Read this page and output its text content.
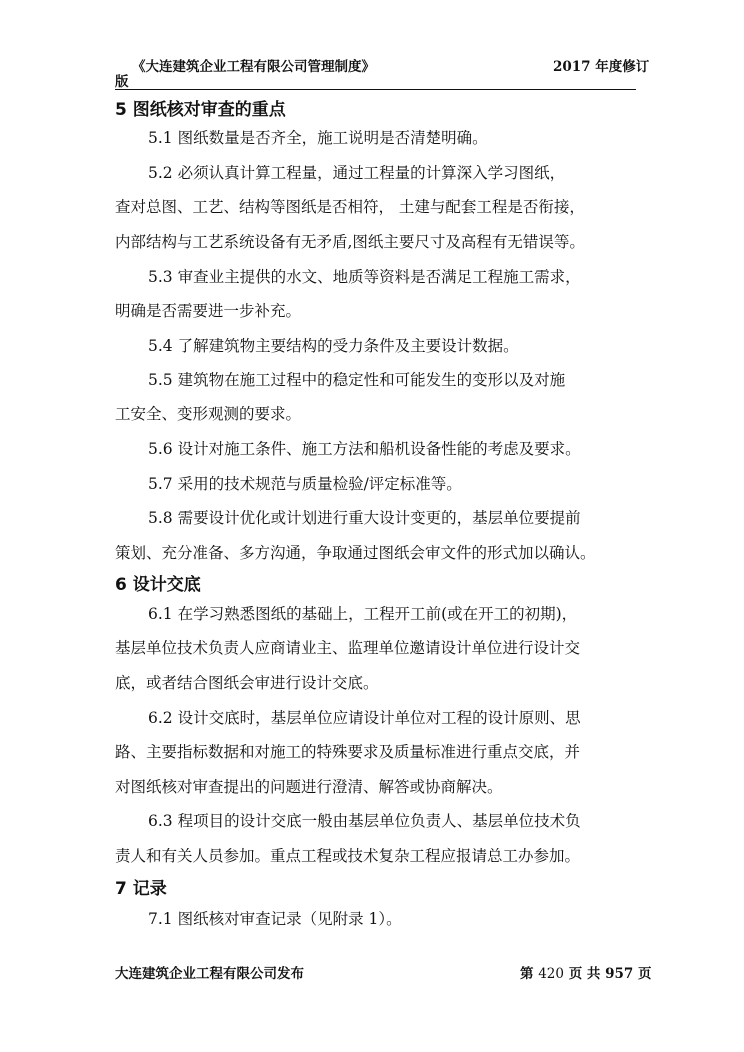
《大连建筑企业工程有限公司管理制度》	2017 年度修订
版
5 图纸核对审查的重点
5.1 图纸数量是否齐全，施工说明是否清楚明确。
5.2 必须认真计算工程量，通过工程量的计算深入学习图纸，
查对总图、工艺、结构等图纸是否相符， 土建与配套工程是否衔接，
内部结构与工艺系统设备有无矛盾,图纸主要尺寸及高程有无错误等。
5.3 审查业主提供的水文、地质等资料是否满足工程施工需求，
明确是否需要进一步补充。
5.4 了解建筑物主要结构的受力条件及主要设计数据。
5.5 建筑物在施工过程中的稳定性和可能发生的变形以及对施
工安全、变形观测的要求。
5.6 设计对施工条件、施工方法和船机设备性能的考虑及要求。
5.7 采用的技术规范与质量检验/评定标准等。
5.8 需要设计优化或计划进行重大设计变更的，基层单位要提前
策划、充分准备、多方沟通，争取通过图纸会审文件的形式加以确认。
6 设计交底
6.1 在学习熟悉图纸的基础上，工程开工前(或在开工的初期)，
基层单位技术负责人应商请业主、监理单位邀请设计单位进行设计交
底，或者结合图纸会审进行设计交底。
6.2 设计交底时，基层单位应请设计单位对工程的设计原则、思
路、主要指标数据和对施工的特殊要求及质量标准进行重点交底，并
对图纸核对审查提出的问题进行澄清、解答或协商解决。
6.3 程项目的设计交底一般由基层单位负责人、基层单位技术负
责人和有关人员参加。重点工程或技术复杂工程应报请总工办参加。
7 记录
7.1 图纸核对审查记录（见附录 1）。
大连建筑企业工程有限公司发布	第 420 页 共 957 页
